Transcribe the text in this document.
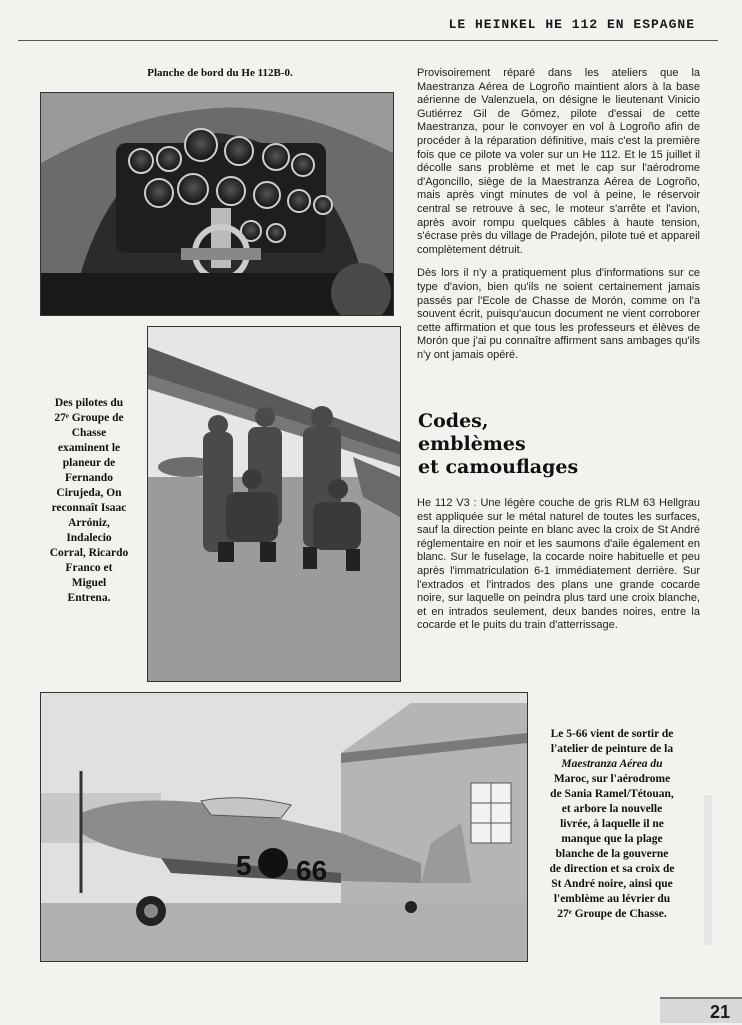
LE HEINKEL HE 112 EN ESPAGNE
Planche de bord du He 112B-0.
Des pilotes du
27ᵉ Groupe de
Chasse
examinent le
planeur de
Fernando
Cirujeda, On
reconnaît Isaac
Arróniz,
Indalecio
Corral, Ricardo
Franco et
Miguel
Entrena.

Provisoirement réparé dans les ateliers que la Maestranza Aérea de Logroño maintient alors à la base aérienne de Valenzuela, on désigne le lieutenant Vinicio Gutiérrez Gil de Gómez, pilote d'essai de cette Maestranza, pour le convoyer en vol à Logroño afin de procéder à la réparation définitive, mais c'est la première fois que ce pilote va voler sur un He 112. Et le 15 juillet il décolle sans problème et met le cap sur l'aérodrome d'Agoncillo, siège de la Maestranza Aérea de Logroño, mais après vingt minutes de vol à peine, le réservoir central se retrouve à sec, le moteur s'arrête et l'avion, après avoir rompu quelques câbles à haute tension, s'écrase près du village de Pradejón, pilote tué et appareil complètement détruit.

Dès lors il n'y a pratiquement plus d'informations sur ce type d'avion, bien qu'ils ne soient certainement jamais passés par l'Ecole de Chasse de Morón, comme on l'a souvent écrit, puisqu'aucun document ne vient corroborer cette affirmation et que tous les professeurs et élèves de Morón que j'ai pu connaître affirment sans ambages qu'ils n'y ont jamais opéré.

Codes,
emblèmes
et camouflages

He 112 V3 : Une légère couche de gris RLM 63 Hellgrau est appliquée sur le métal naturel de toutes les surfaces, sauf la direction peinte en blanc avec la croix de St André réglementaire en noir et les saumons d'aile également en blanc. Sur le fuselage, la cocarde noire habituelle et peu après l'immatriculation 6-1 immédiatement derrière. Sur l'extrados et l'intrados des plans une grande cocarde noire, sur laquelle on peindra plus tard une croix blanche, et en intrados seulement, deux bandes noires, entre la cocarde et le puits du train d'atterrissage.

5 66
Le 5-66 vient de sortir de
l'atelier de peinture de la
Maestranza Aérea du
Maroc, sur l'aérodrome
de Sania Ramel/Tétouan,
et arbore la nouvelle
livrée, à laquelle il ne
manque que la plage
blanche de la gouverne
de direction et sa croix de
St André noire, ainsi que
l'emblème au lévrier du
27ᵉ Groupe de Chasse.
21
